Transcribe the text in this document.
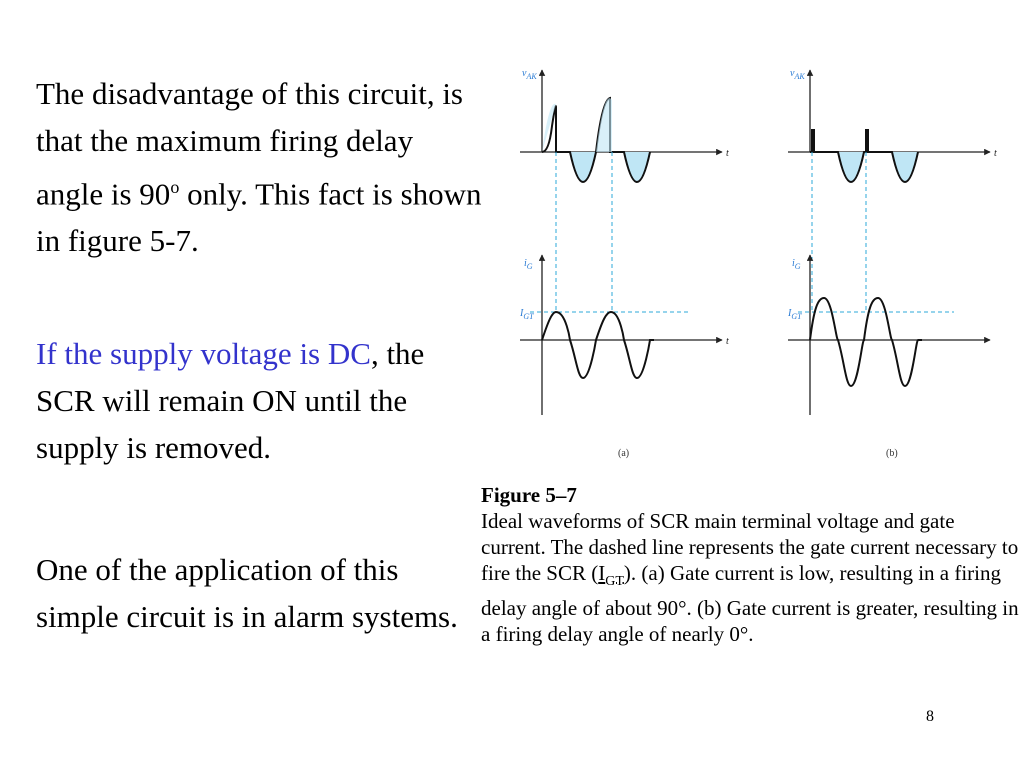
The disadvantage of this circuit, is that the maximum firing delay angle is 90$^o$ only. This fact is shown in figure 5-7.

If the supply voltage is DC, the SCR will remain ON until the supply is removed.

One of the application of this simple circuit is in alarm systems.

$v_{AK}$
t
$i_G$
$I_{GT}$
t
(a)
$v_{AK}$
t
$i_G$
$I_{GT}$
(b)
Figure 5–7
Ideal waveforms of SCR main terminal voltage and gate current. The dashed line represents the gate current necessary to fire the SCR $(I_{GT})$. (a) Gate current is low, resulting in a firing delay angle of about 90°. (b) Gate current is greater, resulting in a firing delay angle of nearly 0°.
8
